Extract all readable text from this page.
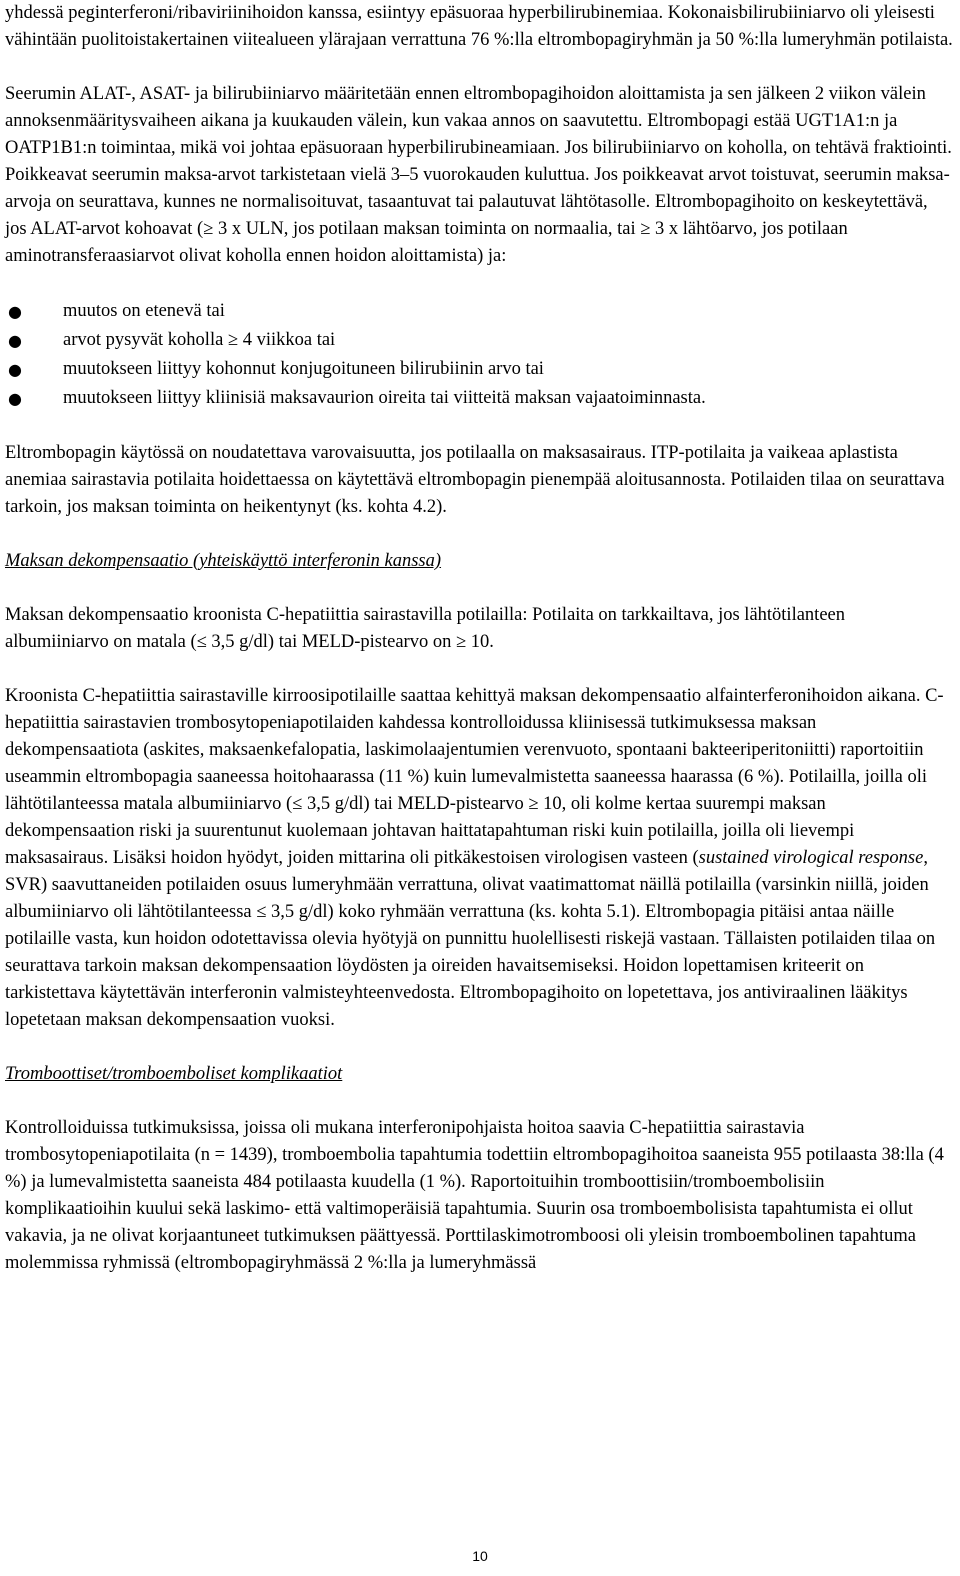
yhdessä peginterferoni/ribaviriinihoidon kanssa, esiintyy epäsuoraa hyperbilirubinemiaa. Kokonaisbilirubiiniarvo oli yleisesti vähintään puolitoistakertainen viitealueen ylärajaan verrattuna 76 %:lla eltrombopagiryhmän ja 50 %:lla lumeryhmän potilaista.

Seerumin ALAT-, ASAT- ja bilirubiiniarvo määritetään ennen eltrombopagihoidon aloittamista ja sen jälkeen 2 viikon välein annoksenmääritysvaiheen aikana ja kuukauden välein, kun vakaa annos on saavutettu. Eltrombopagi estää UGT1A1:n ja OATP1B1:n toimintaa, mikä voi johtaa epäsuoraan hyperbilirubineamiaan. Jos bilirubiiniarvo on koholla, on tehtävä fraktiointi. Poikkeavat seerumin maksa-arvot tarkistetaan vielä 3–5 vuorokauden kuluttua. Jos poikkeavat arvot toistuvat, seerumin maksa-arvoja on seurattava, kunnes ne normalisoituvat, tasaantuvat tai palautuvat lähtötasolle. Eltrombopagihoito on keskeytettävä, jos ALAT-arvot kohoavat (≥ 3 x ULN, jos potilaan maksan toiminta on normaalia, tai ≥ 3 x lähtöarvo, jos potilaan aminotransferaasiarvot olivat koholla ennen hoidon aloittamista) ja:

● muutos on etenevä tai
● arvot pysyvät koholla ≥ 4 viikkoa tai
● muutokseen liittyy kohonnut konjugoituneen bilirubiinin arvo tai
● muutokseen liittyy kliinisiä maksavaurion oireita tai viitteitä maksan vajaatoiminnasta.

Eltrombopagin käytössä on noudatettava varovaisuutta, jos potilaalla on maksasairaus. ITP-potilaita ja vaikeaa aplastista anemiaa sairastavia potilaita hoidettaessa on käytettävä eltrombopagin pienempää aloitusannosta. Potilaiden tilaa on seurattava tarkoin, jos maksan toiminta on heikentynyt (ks. kohta 4.2).

Maksan dekompensaatio (yhteiskäyttö interferonin kanssa)

Maksan dekompensaatio kroonista C-hepatiittia sairastavilla potilailla: Potilaita on tarkkailtava, jos lähtötilanteen albumiiniarvo on matala (≤ 3,5 g/dl) tai MELD-pistearvo on ≥ 10.

Kroonista C-hepatiittia sairastaville kirroosipotilaille saattaa kehittyä maksan dekompensaatio alfainterferonihoidon aikana. C-hepatiittia sairastavien trombosytopeniapotilaiden kahdessa kontrolloidussa kliinisessä tutkimuksessa maksan dekompensaatiota (askites, maksaenkefalopatia, laskimolaajentumien verenvuoto, spontaani bakteeriperitoniitti) raportoitiin useammin eltrombopagia saaneessa hoitohaarassa (11 %) kuin lumevalmistetta saaneessa haarassa (6 %). Potilailla, joilla oli lähtötilanteessa matala albumiiniarvo (≤ 3,5 g/dl) tai MELD-pistearvo ≥ 10, oli kolme kertaa suurempi maksan dekompensaation riski ja suurentunut kuolemaan johtavan haittatapahtuman riski kuin potilailla, joilla oli lievempi maksasairaus. Lisäksi hoidon hyödyt, joiden mittarina oli pitkäkestoisen virologisen vasteen (sustained virological response, SVR) saavuttaneiden potilaiden osuus lumeryhmään verrattuna, olivat vaatimattomat näillä potilailla (varsinkin niillä, joiden albumiiniarvo oli lähtötilanteessa ≤ 3,5 g/dl) koko ryhmään verrattuna (ks. kohta 5.1). Eltrombopagia pitäisi antaa näille potilaille vasta, kun hoidon odotettavissa olevia hyötyjä on punnittu huolellisesti riskejä vastaan. Tällaisten potilaiden tilaa on seurattava tarkoin maksan dekompensaation löydösten ja oireiden havaitsemiseksi. Hoidon lopettamisen kriteerit on tarkistettava käytettävän interferonin valmisteyhteenvedosta. Eltrombopagihoito on lopetettava, jos antiviraalinen lääkitys lopetetaan maksan dekompensaation vuoksi.

Tromboottiset/tromboemboliset komplikaatiot

Kontrolloiduissa tutkimuksissa, joissa oli mukana interferonipohjaista hoitoa saavia C-hepatiittia sairastavia trombosytopeniapotilaita (n = 1439), tromboembolia tapahtumia todettiin eltrombopagihoitoa saaneista 955 potilaasta 38:lla (4 %) ja lumevalmistetta saaneista 484 potilaasta kuudella (1 %). Raportoituihin tromboottisiin/tromboembolisiin komplikaatioihin kuului sekä laskimo- että valtimoperäisiä tapahtumia. Suurin osa tromboembolisista tapahtumista ei ollut vakavia, ja ne olivat korjaantuneet tutkimuksen päättyessä. Porttilaskimotromboosi oli yleisin tromboembolinen tapahtuma molemmissa ryhmissä (eltrombopagiryhmässä 2 %:lla ja lumeryhmässä

10
